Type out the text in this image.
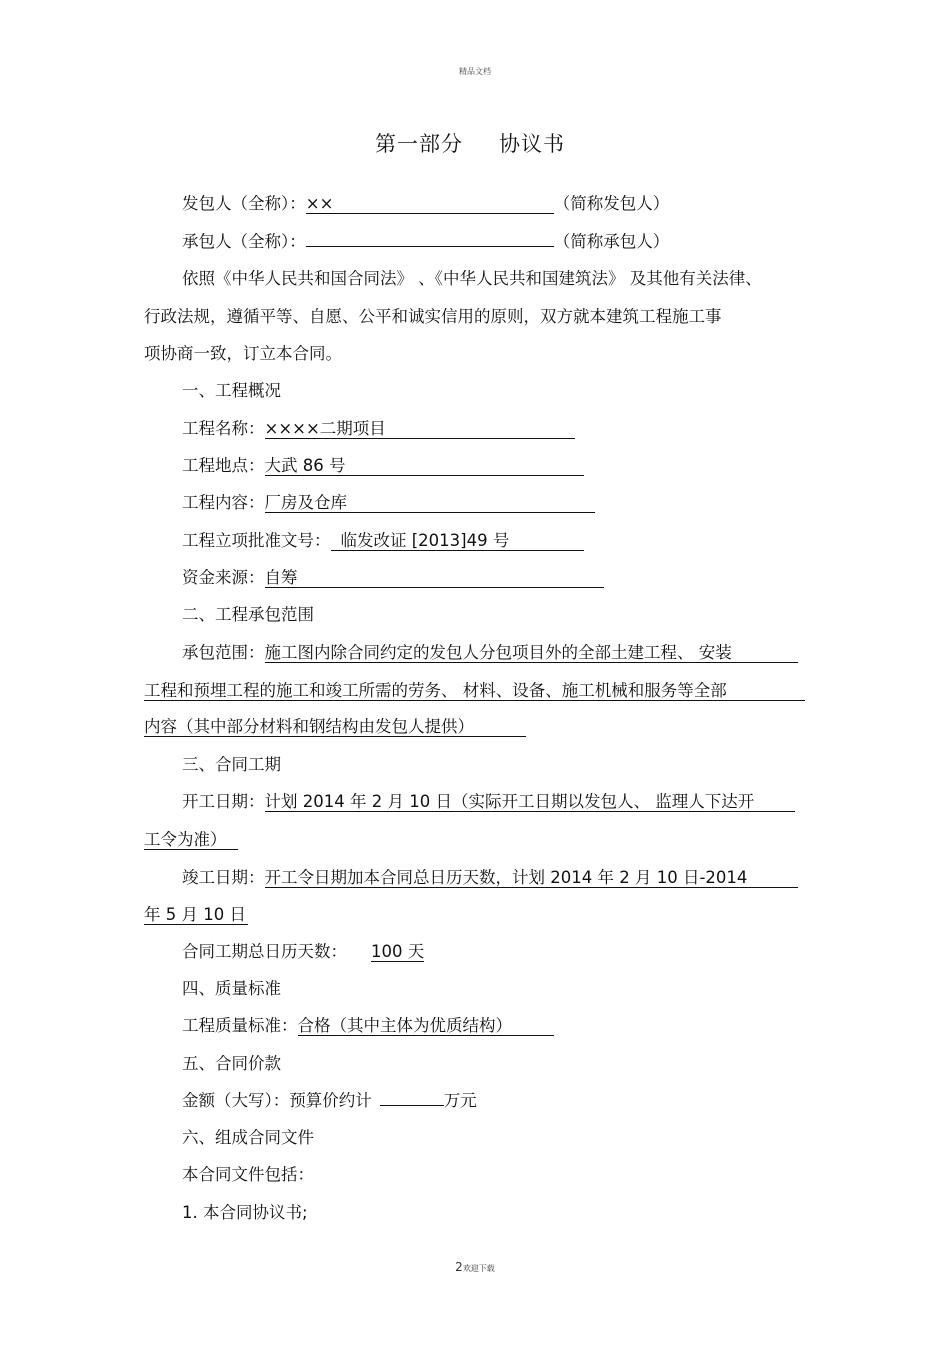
精品文档
第一部分 协议书
发包人（全称）：××	（简称发包人）
承包人（全称）：	（简称承包人）
依照《中华人民共和国合同法》 、《中华人民共和国建筑法》 及其他有关法律、
行政法规，遵循平等、自愿、公平和诚实信用的原则，双方就本建筑工程施工事
项协商一致，订立本合同。
一、工程概况
工程名称：××××二期项目
工程地点：大武 86 号
工程内容：厂房及仓库
工程立项批准文号： 临发改证 [2013]49 号
资金来源：自筹
二、工程承包范围
承包范围：施工图内除合同约定的发包人分包项目外的全部土建工程、 安装
工程和预埋工程的施工和竣工所需的劳务、 材料、设备、施工机械和服务等全部
内容（其中部分材料和钢结构由发包人提供）
三、合同工期
开工日期：计划 2014 年 2 月 10 日（实际开工日期以发包人、 监理人下达开
工令为准）
竣工日期：开工令日期加本合同总日历天数，计划 2014 年 2 月 10 日-2014
年 5 月 10 日
合同工期总日历天数： 100 天
四、质量标准
工程质量标准：合格（其中主体为优质结构）
五、合同价款
金额（大写）：预算价约计	万元
六、组成合同文件
本合同文件包括：
1. 本合同协议书;
2欢迎下载
